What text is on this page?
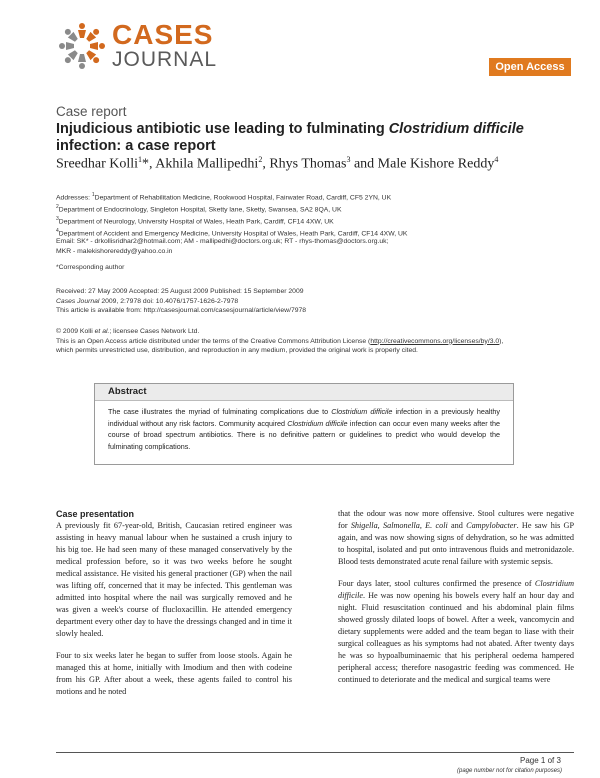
CASES
JOURNAL	Open Access
Case report
Injudicious antibiotic use leading to fulminating Clostridium difficile infection: a case report
Sreedhar Kolli$^1$*, Akhila Mallipedhi$^2$, Rhys Thomas$^3$ and Male Kishore Reddy$^4$
Addresses: $^1$Department of Rehabilitation Medicine, Rookwood Hospital, Fairwater Road, Cardiff, CF5 2YN, UK
$^2$Department of Endocrinology, Singleton Hospital, Sketty lane, Sketty, Swansea, SA2 8QA, UK
$^3$Department of Neurology, University Hospital of Wales, Heath Park, Cardiff, CF14 4XW, UK
$^4$Department of Accident and Emergency Medicine, University Hospital of Wales, Heath Park, Cardiff, CF14 4XW, UK
Email: SK* - drkollisridhar2@hotmail.com; AM - mallipedhi@doctors.org.uk; RT - rhys-thomas@doctors.org.uk;
MKR - malekishorereddy@yahoo.co.in
*Corresponding author
Received: 27 May 2009 Accepted: 25 August 2009 Published: 15 September 2009
Cases Journal 2009, 2:7978 doi: 10.4076/1757-1626-2-7978
This article is available from: http://casesjournal.com/casesjournal/article/view/7978
© 2009 Kolli et al.; licensee Cases Network Ltd.
This is an Open Access article distributed under the terms of the Creative Commons Attribution License (http://creativecommons.org/licenses/by/3.0),
which permits unrestricted use, distribution, and reproduction in any medium, provided the original work is properly cited.
Abstract
The case illustrates the myriad of fulminating complications due to Clostridium difficile infection in a previously healthy individual without any risk factors. Community acquired Clostridium difficile infection can occur even many weeks after the course of broad spectrum antibiotics. There is no definitive pattern or guidelines to predict who would develop the fulminating complications.
Case presentation

A previously fit 67-year-old, British, Caucasian retired engineer was assisting in heavy manual labour when he sustained a crush injury to his big toe. He had seen many of these managed conservatively by the medical profession before, so it was two weeks before he sought medical assistance. He visited his general practioner (GP) when the nail was lifting off, concerned that it may be infected. This gentleman was admitted into hospital where the nail was surgically removed and he was given a week's course of flucloxacillin. He attended emergency department every other day to have the dressings changed and in time it slowly healed.

Four to six weeks later he began to suffer from loose stools. Again he managed this at home, initially with Imodium and then with codeine from his GP. After about a week, these agents failed to control his motions and he noted

that the odour was now more offensive. Stool cultures were negative for Shigella, Salmonella, E. coli and Campylobacter. He saw his GP again, and was now showing signs of dehydration, so he was admitted to hospital, isolated and put onto intravenous fluids and metronidazole. Blood tests demonstrated acute renal failure with systemic sepsis.

Four days later, stool cultures confirmed the presence of Clostridium difficile. He was now opening his bowels every half an hour day and night. Fluid resuscitation continued and his abdominal plain films showed grossly dilated loops of bowel. After a week, vancomycin and dietary supplements were added and the team began to liase with their surgical colleagues as his symptoms had not abated. After twenty days he was so hypoalbuminaemic that his peripheral oedema hampered peripheral access; therefore nasogastric feeding was commenced. He continued to deteriorate and the medical and surgical teams were

Page 1 of 3
(page number not for citation purposes)
